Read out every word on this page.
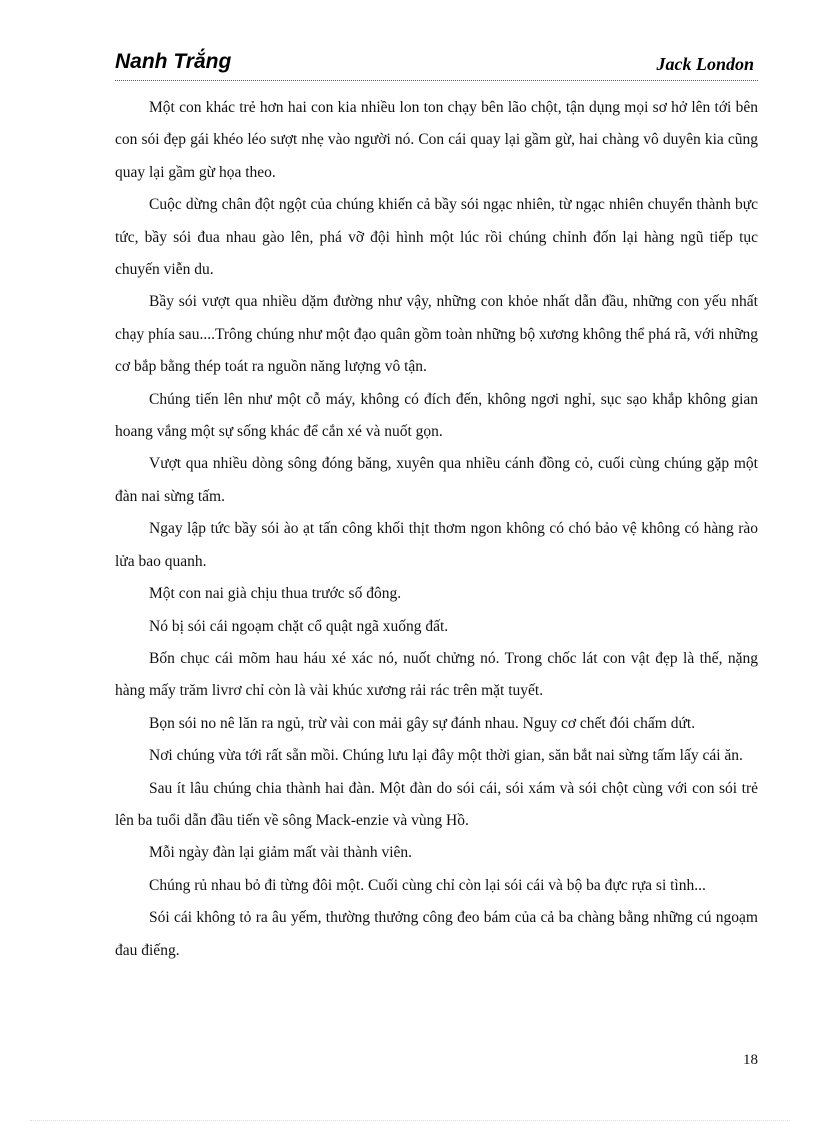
Nanh Trắng	Jack London

Một con khác trẻ hơn hai con kia nhiều lon ton chạy bên lão chột, tận dụng mọi sơ hở lên tới bên con sói đẹp gái khéo léo sượt nhẹ vào người nó. Con cái quay lại gầm gừ, hai chàng vô duyên kia cũng quay lại gầm gừ họa theo.

Cuộc dừng chân đột ngột của chúng khiến cả bầy sói ngạc nhiên, từ ngạc nhiên chuyển thành bực tức, bầy sói đua nhau gào lên, phá vỡ đội hình một lúc rồi chúng chỉnh đốn lại hàng ngũ tiếp tục chuyến viễn du.

Bầy sói vượt qua nhiều dặm đường như vậy, những con khỏe nhất dẫn đầu, những con yếu nhất chạy phía sau....Trông chúng như một đạo quân gồm toàn những bộ xương không thể phá rã, với những cơ bắp bằng thép toát ra nguồn năng lượng vô tận.

Chúng tiến lên như một cỗ máy, không có đích đến, không ngơi nghỉ, sục sạo khắp không gian hoang vắng một sự sống khác để cắn xé và nuốt gọn.

Vượt qua nhiều dòng sông đóng băng, xuyên qua nhiều cánh đồng cỏ, cuối cùng chúng gặp một đàn nai sừng tấm.

Ngay lập tức bầy sói ào ạt tấn công khối thịt thơm ngon không có chó bảo vệ không có hàng rào lửa bao quanh.

Một con nai già chịu thua trước số đông.

Nó bị sói cái ngoạm chặt cổ quật ngã xuống đất.

Bốn chục cái mõm hau háu xé xác nó, nuốt chửng nó. Trong chốc lát con vật đẹp là thế, nặng hàng mấy trăm livrơ chỉ còn là vài khúc xương rải rác trên mặt tuyết.

Bọn sói no nê lăn ra ngủ, trừ vài con mải gây sự đánh nhau. Nguy cơ chết đói chấm dứt.

Nơi chúng vừa tới rất sẵn mồi. Chúng lưu lại đây một thời gian, săn bắt nai sừng tấm lấy cái ăn.

Sau ít lâu chúng chia thành hai đàn. Một đàn do sói cái, sói xám và sói chột cùng với con sói trẻ lên ba tuổi dẫn đầu tiến về sông Mack-enzie và vùng Hồ.

Mỗi ngày đàn lại giảm mất vài thành viên.

Chúng rủ nhau bỏ đi từng đôi một. Cuối cùng chỉ còn lại sói cái và bộ ba đực rựa si tình...

Sói cái không tỏ ra âu yếm, thường thưởng công đeo bám của cả ba chàng bằng những cú ngoạm đau điếng.

18
